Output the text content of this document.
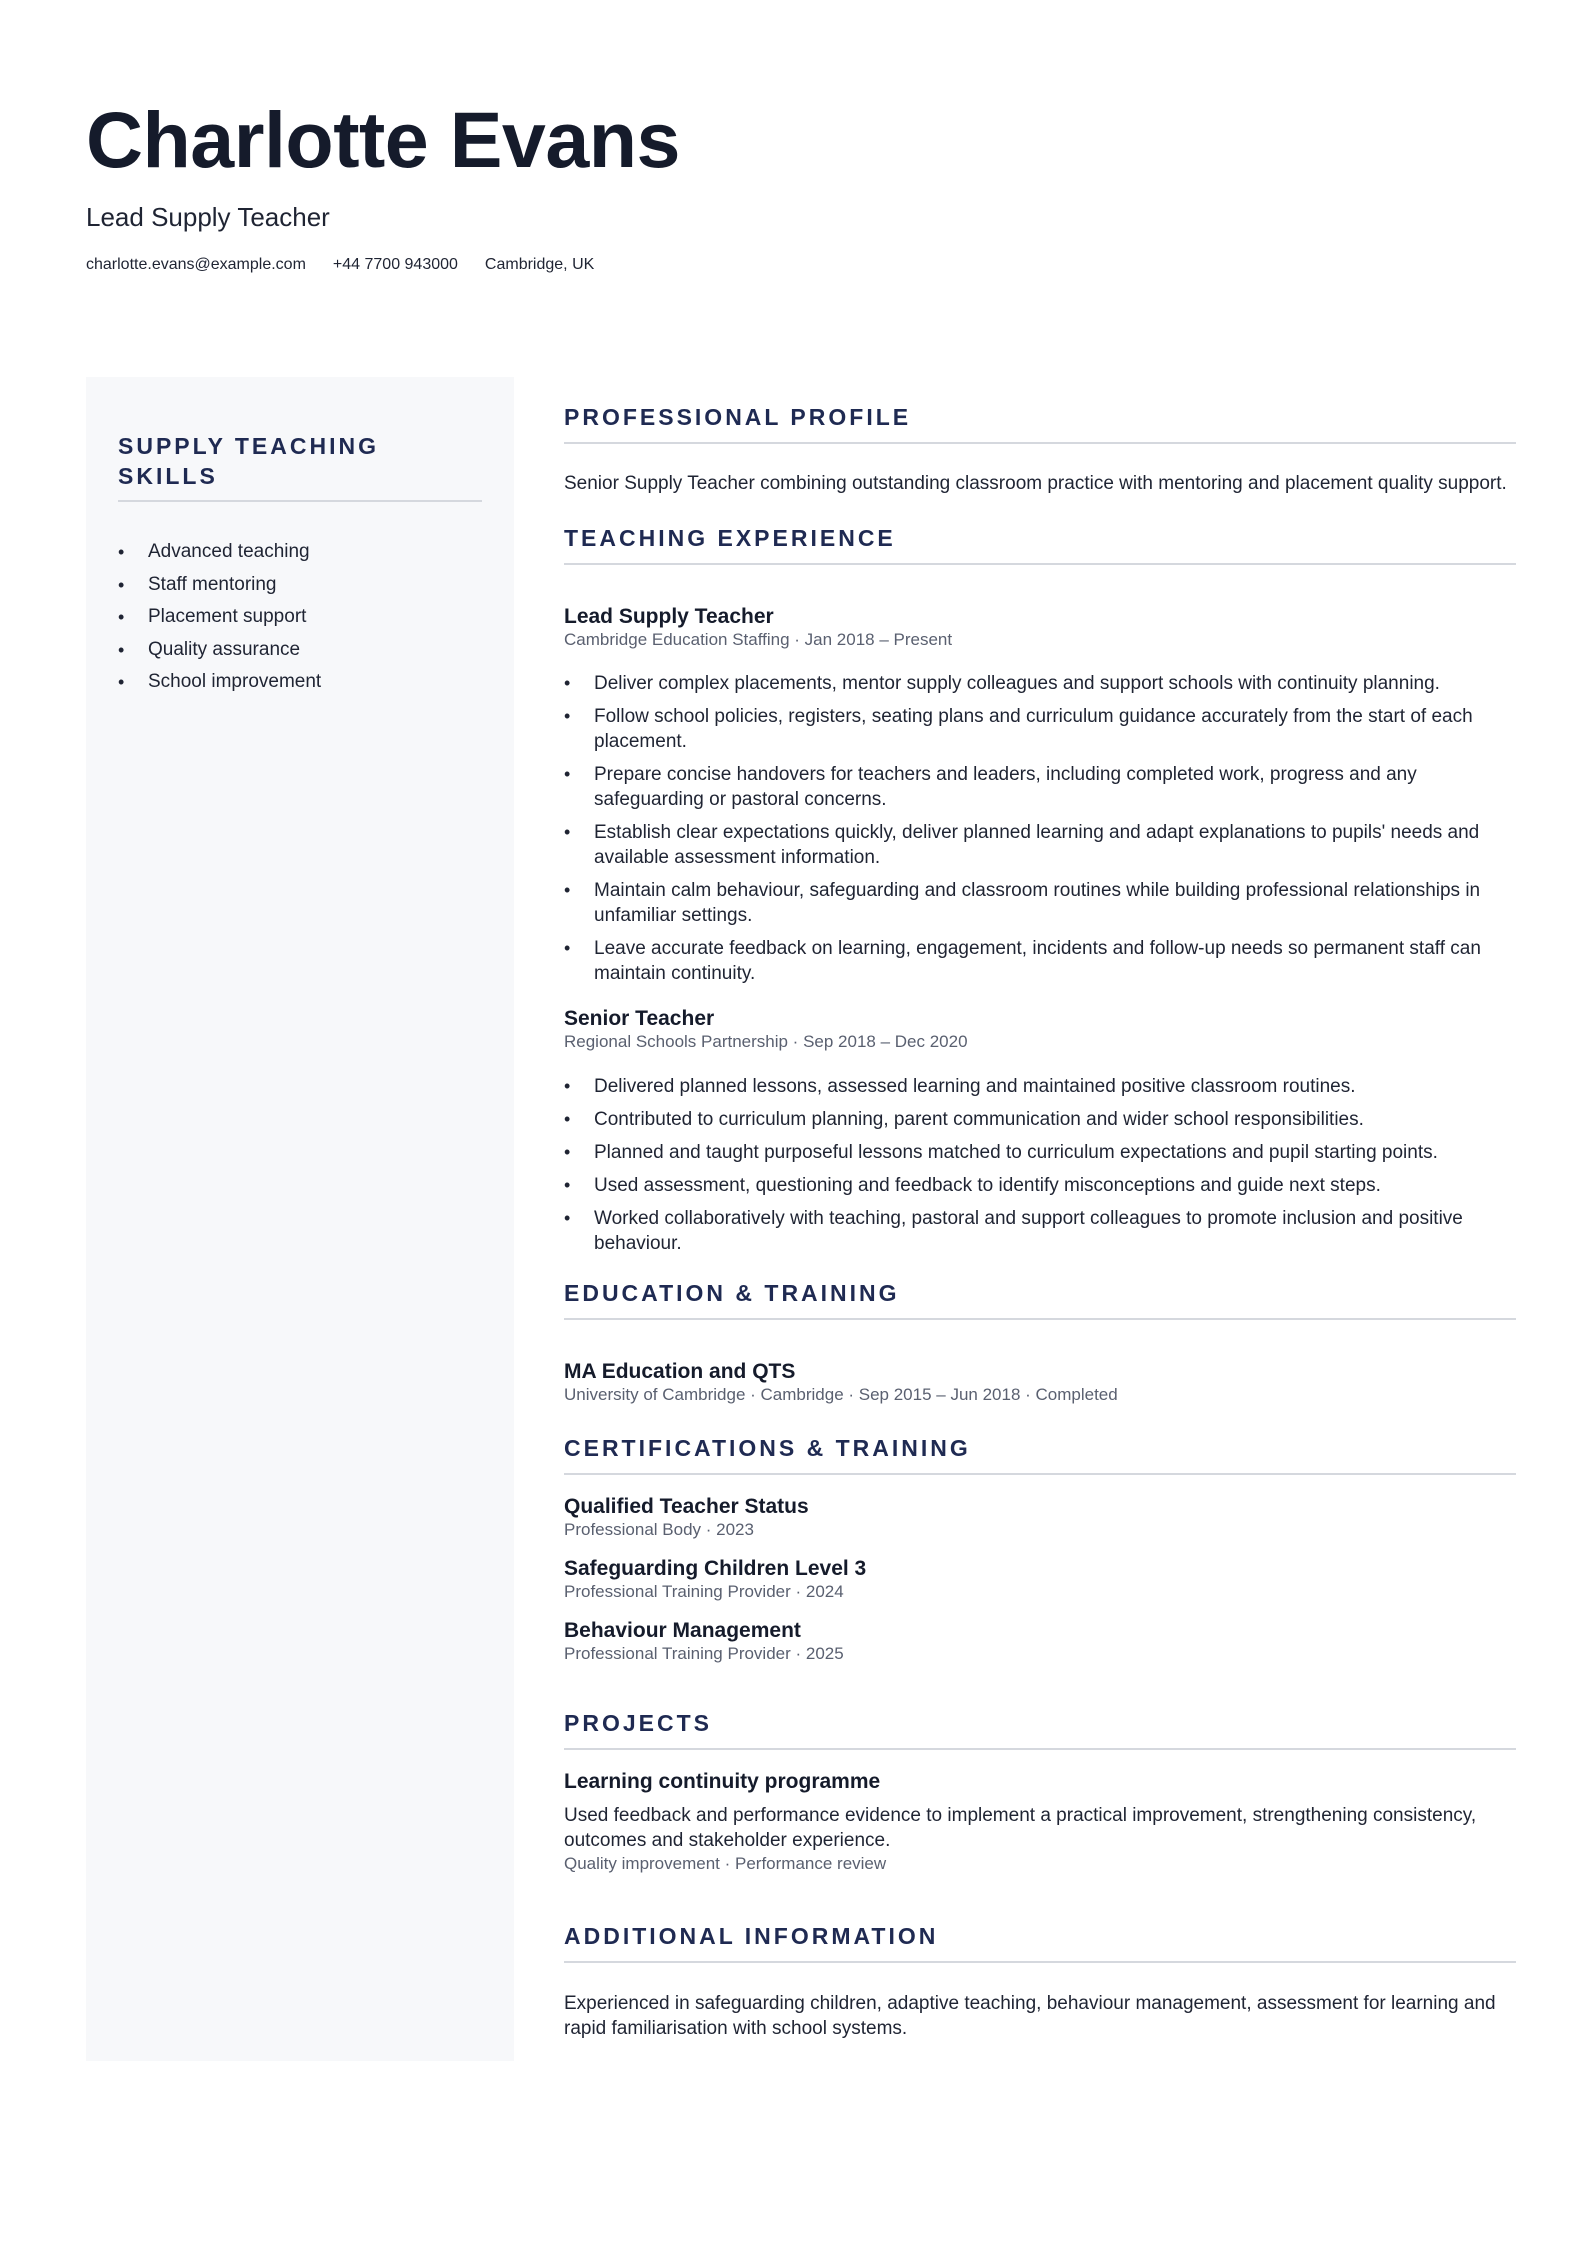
Charlotte Evans
Lead Supply Teacher
charlotte.evans@example.com +44 7700 943000 Cambridge, UK
SUPPLY TEACHING SKILLS
• Advanced teaching
• Staff mentoring
• Placement support
• Quality assurance
• School improvement
PROFESSIONAL PROFILE

Senior Supply Teacher combining outstanding classroom practice with mentoring and placement quality support.

TEACHING EXPERIENCE
Lead Supply Teacher
Cambridge Education Staffing · Jan 2018 – Present
• Deliver complex placements, mentor supply colleagues and support schools with continuity planning.
• Follow school policies, registers, seating plans and curriculum guidance accurately from the start of each placement.
• Prepare concise handovers for teachers and leaders, including completed work, progress and any safeguarding or pastoral concerns.
• Establish clear expectations quickly, deliver planned learning and adapt explanations to pupils' needs and available assessment information.
• Maintain calm behaviour, safeguarding and classroom routines while building professional relationships in unfamiliar settings.
• Leave accurate feedback on learning, engagement, incidents and follow-up needs so permanent staff can maintain continuity.
Senior Teacher
Regional Schools Partnership · Sep 2018 – Dec 2020
• Delivered planned lessons, assessed learning and maintained positive classroom routines.
• Contributed to curriculum planning, parent communication and wider school responsibilities.
• Planned and taught purposeful lessons matched to curriculum expectations and pupil starting points.
• Used assessment, questioning and feedback to identify misconceptions and guide next steps.
• Worked collaboratively with teaching, pastoral and support colleagues to promote inclusion and positive behaviour.
EDUCATION & TRAINING
MA Education and QTS
University of Cambridge · Cambridge · Sep 2015 – Jun 2018 · Completed
CERTIFICATIONS & TRAINING
Qualified Teacher Status
Professional Body · 2023
Safeguarding Children Level 3
Professional Training Provider · 2024
Behaviour Management
Professional Training Provider · 2025
PROJECTS
Learning continuity programme

Used feedback and performance evidence to implement a practical improvement, strengthening consistency, outcomes and stakeholder experience.

Quality improvement · Performance review
ADDITIONAL INFORMATION

Experienced in safeguarding children, adaptive teaching, behaviour management, assessment for learning and rapid familiarisation with school systems.
